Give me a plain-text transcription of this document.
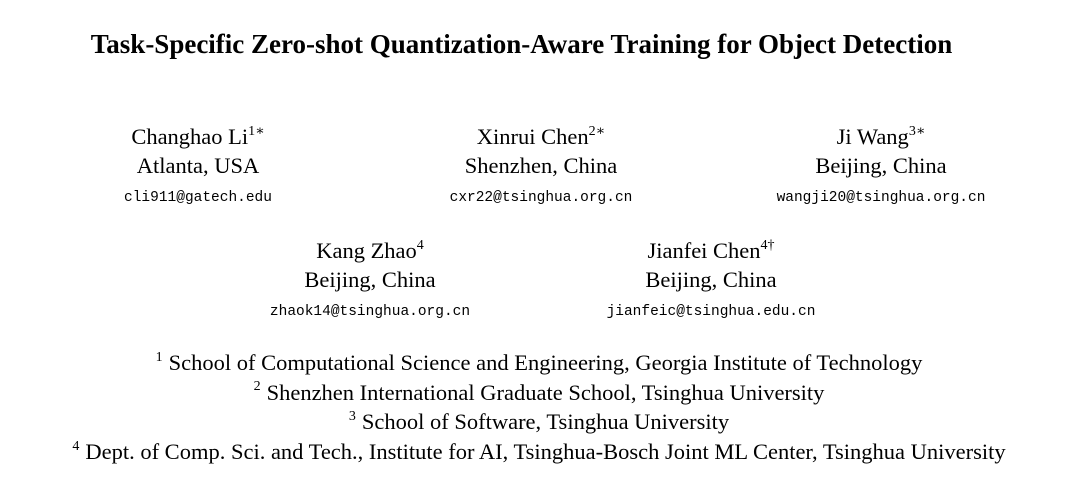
Task-Specific Zero-shot Quantization-Aware Training for Object Detection
Changhao $Li^{1∗}$
Atlanta, USA
cli911@gatech.edu
Xinrui Chen$^{2∗}$
Shenzhen, China
cxr22@tsinghua.org.cn
Ji Wang$^{3∗}$
Beijing, China
wangji20@tsinghua.org.cn
Kang Zhao$^4$
Beijing, China
zhaok14@tsinghua.org.cn
Jianfei Chen$^{4\dagger}$
Beijing, China
jianfeic@tsinghua.edu.cn
$^1$ School of Computational Science and Engineering, Georgia Institute of Technology
$^2$ Shenzhen International Graduate School, Tsinghua University
$^3$ School of Software, Tsinghua University
$^4$ Dept. of Comp. Sci. and Tech., Institute for AI, Tsinghua-Bosch Joint ML Center, Tsinghua University
